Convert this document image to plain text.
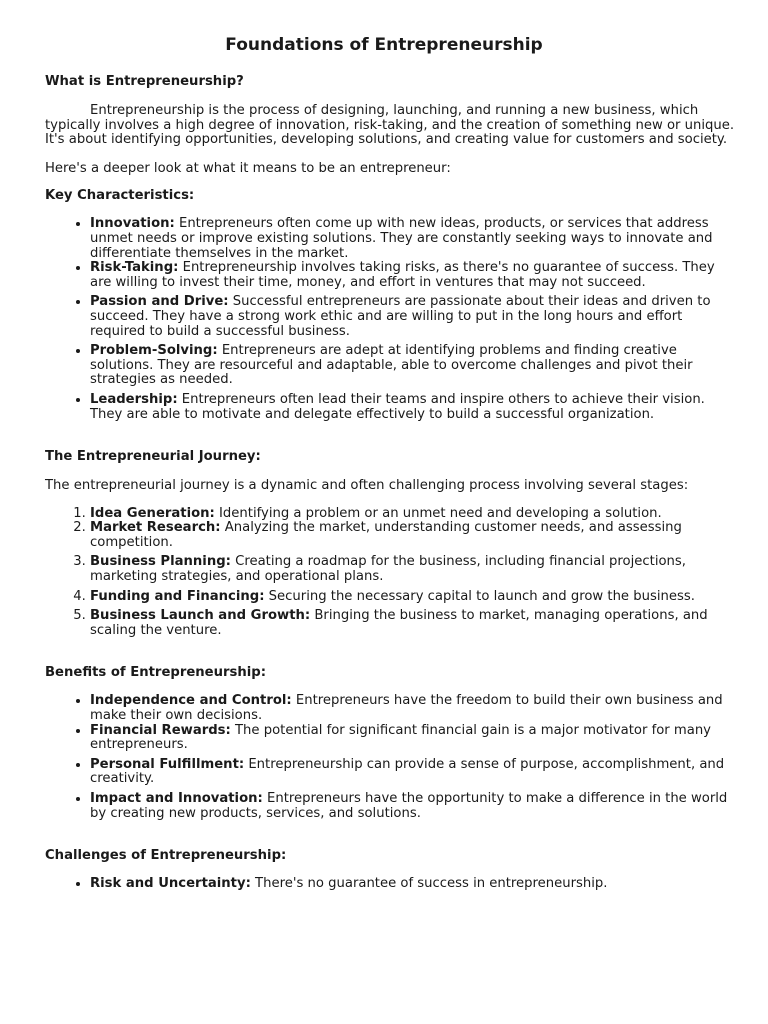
Foundations of Entrepreneurship
What is Entrepreneurship?

Entrepreneurship is the process of designing, launching, and running a new business, which typically involves a high degree of innovation, risk-taking, and the creation of something new or unique. It's about identifying opportunities, developing solutions, and creating value for customers and society.

Here's a deeper look at what it means to be an entrepreneur:

Key Characteristics:
• Innovation: Entrepreneurs often come up with new ideas, products, or services that address unmet needs or improve existing solutions. They are constantly seeking ways to innovate and differentiate themselves in the market.
• Risk-Taking: Entrepreneurship involves taking risks, as there's no guarantee of success. They are willing to invest their time, money, and effort in ventures that may not succeed.
• Passion and Drive: Successful entrepreneurs are passionate about their ideas and driven to succeed. They have a strong work ethic and are willing to put in the long hours and effort required to build a successful business.
• Problem-Solving: Entrepreneurs are adept at identifying problems and finding creative solutions. They are resourceful and adaptable, able to overcome challenges and pivot their strategies as needed.
• Leadership: Entrepreneurs often lead their teams and inspire others to achieve their vision. They are able to motivate and delegate effectively to build a successful organization.
The Entrepreneurial Journey:

The entrepreneurial journey is a dynamic and often challenging process involving several stages:

1. Idea Generation: Identifying a problem or an unmet need and developing a solution.
2. Market Research: Analyzing the market, understanding customer needs, and assessing competition.
3. Business Planning: Creating a roadmap for the business, including financial projections, marketing strategies, and operational plans.
4. Funding and Financing: Securing the necessary capital to launch and grow the business.
5. Business Launch and Growth: Bringing the business to market, managing operations, and scaling the venture.
Benefits of Entrepreneurship:
• Independence and Control: Entrepreneurs have the freedom to build their own business and make their own decisions.
• Financial Rewards: The potential for significant financial gain is a major motivator for many entrepreneurs.
• Personal Fulfillment: Entrepreneurship can provide a sense of purpose, accomplishment, and creativity.
• Impact and Innovation: Entrepreneurs have the opportunity to make a difference in the world by creating new products, services, and solutions.
Challenges of Entrepreneurship:
• Risk and Uncertainty: There's no guarantee of success in entrepreneurship.
